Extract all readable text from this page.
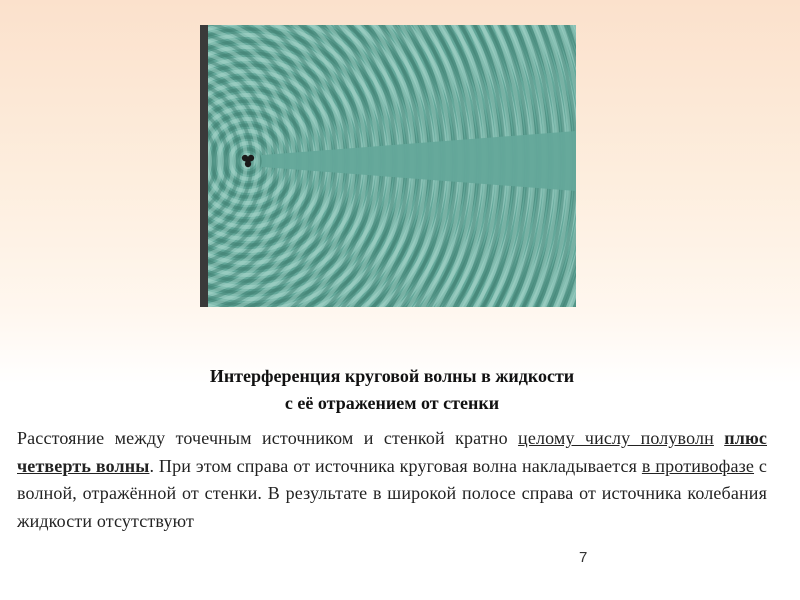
Интерференция круговой волны в жидкости
с её отражением от стенки
Расстояние между точечным источником и стенкой кратно целому числу полуволн плюс четверть волны. При этом справа от источника круговая волна накладывается в противофазе с волной, отражённой от стенки. В результате в широкой полосе справа от источника колебания жидкости отсутствуют
7
